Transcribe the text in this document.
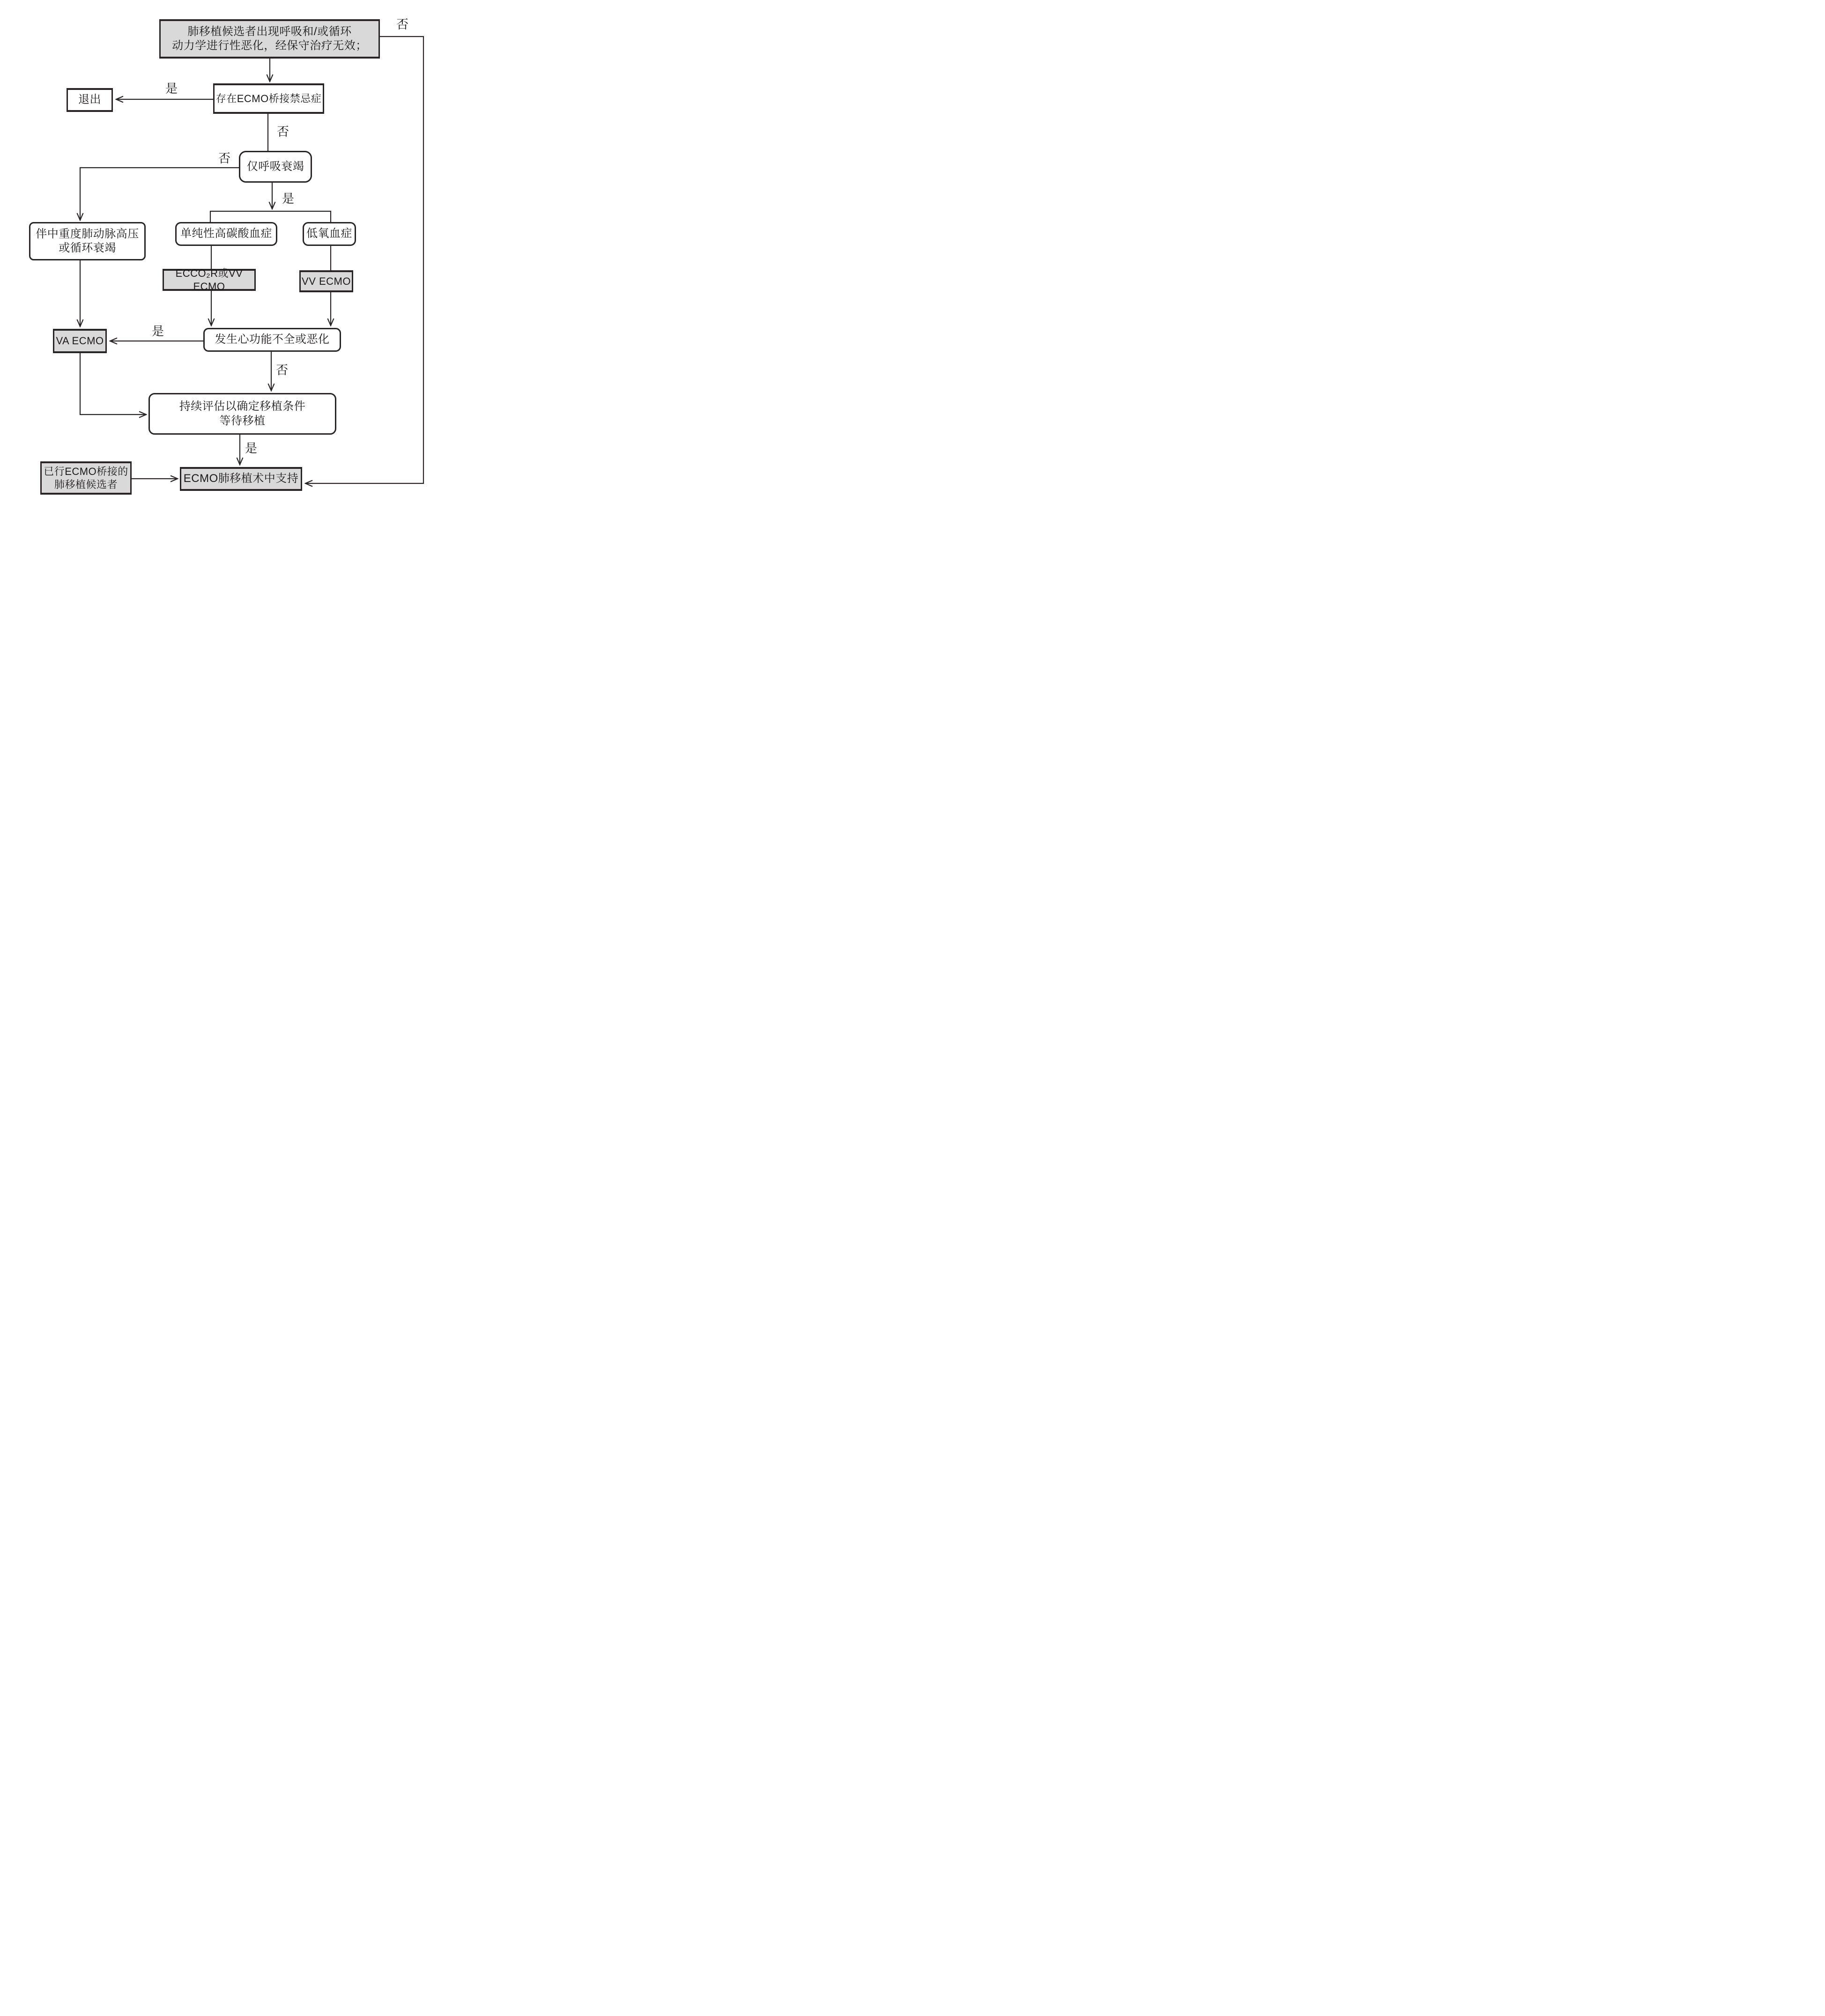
肺移植候选者出现呼吸和/或循环
动力学进行性恶化，经保守治疗无效；
存在ECMO桥接禁忌症
退出
仅呼吸衰竭
伴中重度肺动脉高压
或循环衰竭
单纯性高碳酸血症	低氧血症
ECCO₂R或VV ECMO	VV ECMO
VA ECMO	发生心功能不全或恶化
持续评估以确定移植条件
等待移植
已行ECMO桥接的
肺移植候选者	ECMO肺移植术中支持
否
是
否
否
是
是
否
是
